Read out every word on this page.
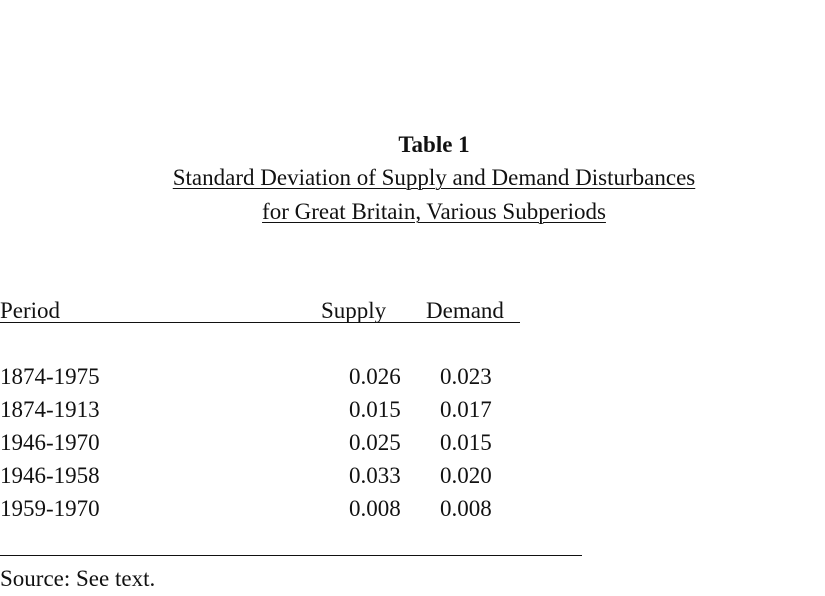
Table 1
Standard Deviation of Supply and Demand Disturbances
for Great Britain, Various Subperiods
Period	Supply Demand
1874-1975	0.026 0.023
1874-1913	0.015 0.017
1946-1970	0.025 0.015
1946-1958	0.033 0.020
1959-1970	0.008 0.008
Source: See text.
